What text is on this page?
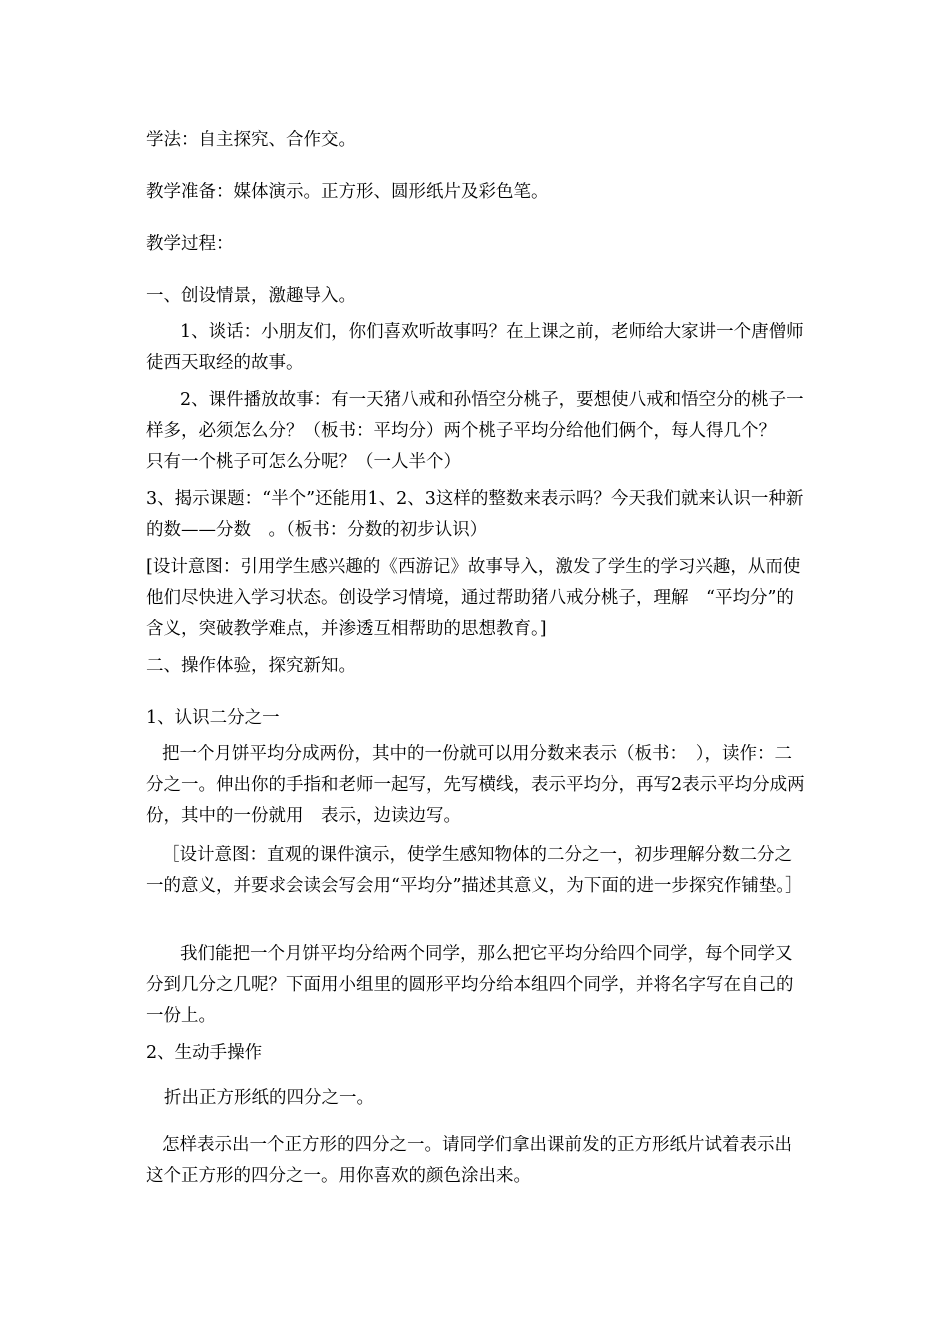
学法：自主探究、合作交。

教学准备：媒体演示。正方形、圆形纸片及彩色笔。

教学过程：

一、创设情景，激趣导入。

1、谈话：小朋友们，你们喜欢听故事吗？在上课之前，老师给大家讲一个唐僧师徒西天取经的故事。

2、课件播放故事：有一天猪八戒和孙悟空分桃子，要想使八戒和悟空分的桃子一样多，必须怎么分？（板书：平均分）两个桃子平均分给他们俩个，每人得几个？　只有一个桃子可怎么分呢？（一人半个）

3、揭示课题：“半个”还能用1、2、3这样的整数来表示吗？今天我们就来认识一种新的数——分数　。（板书：分数的初步认识）

[设计意图：引用学生感兴趣的《西游记》故事导入，激发了学生的学习兴趣，从而使他们尽快进入学习状态。创设学习情境，通过帮助猪八戒分桃子，理解　“平均分”的含义，突破教学难点，并渗透互相帮助的思想教育。]

二、操作体验，探究新知。

1、认识二分之一

把一个月饼平均分成两份，其中的一份就可以用分数来表示（板书：　），读作：二分之一。伸出你的手指和老师一起写，先写横线，表示平均分，再写2表示平均分成两份，其中的一份就用　表示，边读边写。

［设计意图：直观的课件演示，使学生感知物体的二分之一，初步理解分数二分之一的意义，并要求会读会写会用“平均分”描述其意义，为下面的进一步探究作铺垫。］

我们能把一个月饼平均分给两个同学，那么把它平均分给四个同学，每个同学又分到几分之几呢？下面用小组里的圆形平均分给本组四个同学，并将名字写在自己的一份上。

2、生动手操作

折出正方形纸的四分之一。

怎样表示出一个正方形的四分之一。请同学们拿出课前发的正方形纸片试着表示出这个正方形的四分之一。用你喜欢的颜色涂出来。
